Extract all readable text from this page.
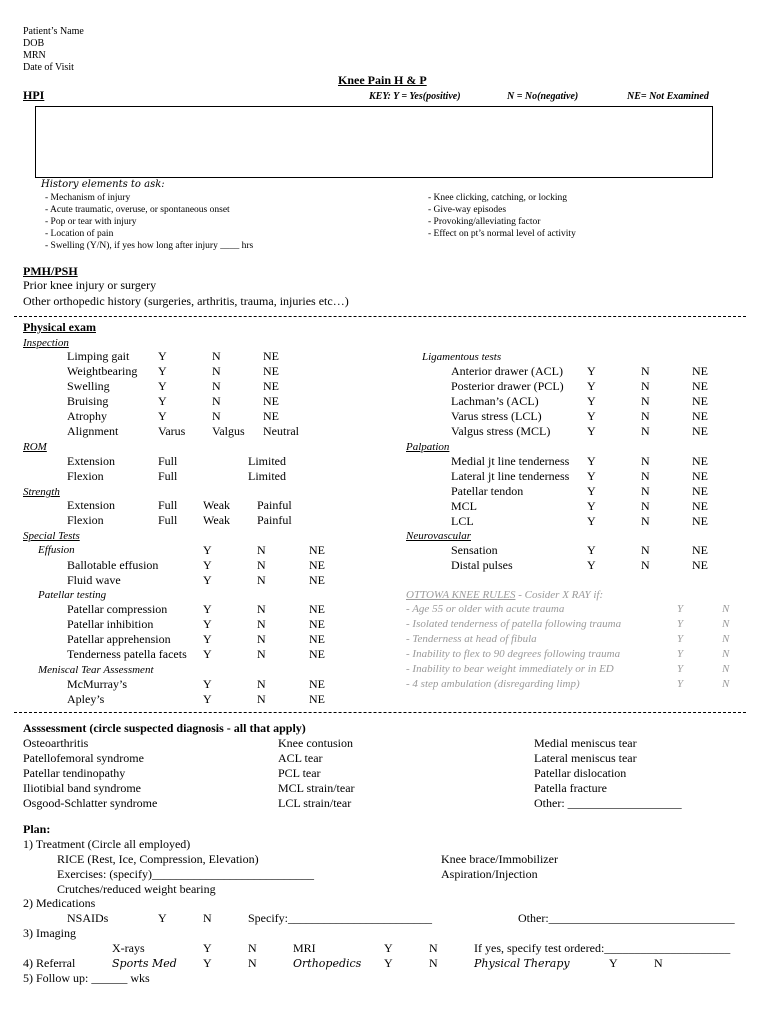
Patient’s Name
DOB
MRN
Date of Visit
Knee Pain H & P
HPI	KEY: Y = Yes(positive)	N = No(negative)	NE= Not Examined
History elements to ask:
- Mechanism of injury
- Acute traumatic, overuse, or spontaneous onset
- Pop or tear with injury
- Location of pain
- Swelling (Y/N), if yes how long after injury ____ hrs
- Knee clicking, catching, or locking
- Give-way episodes
- Provoking/alleviating factor
- Effect on pt’s normal level of activity
PMH/PSH
Prior knee injury or surgery
Other orthopedic history (surgeries, arthritis, trauma, injuries etc…)
Physical exam
Inspection
Limping gait Y	N	NE
Weightbearing Y	N	NE
Swelling	Y	N	NE
Bruising	Y	N	NE
Atrophy	Y	N	NE
Alignment	Varus Valgus Neutral
ROM
Extension	Full	Limited
Flexion	Full	Limited
Strength
Extension	Full Weak Painful
Flexion	Full Weak Painful
Special Tests
Effusion	Y	N	NE
Ballotable effusion	Y	N	NE
Fluid wave	Y	N	NE
Patellar testing
Patellar compression	Y	N	NE
Patellar inhibition	Y	N	NE
Patellar apprehension	Y	N	NE
Tenderness patella facets Y	N	NE
Meniscal Tear Assessment
McMurray’s	Y	N	NE
Apley’s	Y	N	NE
Ligamentous tests
Anterior drawer (ACL) Y	N	NE
Posterior drawer (PCL) Y	N	NE
Lachman’s (ACL)	Y	N	NE
Varus stress (LCL)	Y	N	NE
Valgus stress (MCL)	Y	N	NE
Palpation
Medial jt line tenderness Y	N	NE
Lateral jt line tenderness Y	N	NE
Patellar tendon	Y	N	NE
MCL	Y	N	NE
LCL	Y	N	NE
Neurovascular
Sensation	Y	N	NE
Distal pulses	Y	N	NE
OTTOWA KNEE RULES - Cosider X RAY if:
- Age 55 or older with acute trauma	Y	N
- Isolated tenderness of patella following trauma	Y	N
- Tenderness at head of fibula	Y	N
- Inability to flex to 90 degrees following trauma	Y	N
- Inability to bear weight immediately or in ED	Y	N
- 4 step ambulation (disregarding limp)	Y	N
Asssessment (circle suspected diagnosis - all that apply)
Osteoarthritis
Patellofemoral syndrome
Patellar tendinopathy
Iliotibial band syndrome
Osgood-Schlatter syndrome
Knee contusion
ACL tear
PCL tear
MCL strain/tear
LCL strain/tear
Medial meniscus tear
Lateral meniscus tear
Patellar dislocation
Patella fracture
Other: ___________________
Plan:
1) Treatment (Circle all employed)
RICE (Rest, Ice, Compression, Elevation)	Knee brace/Immobilizer
Exercises: (specify)___________________________	Aspiration/Injection
Crutches/reduced weight bearing
2) Medications
NSAIDs	Y	N	Specify:________________________	Other:_______________________________
3) Imaging
X-rays	Y	N	MRI	Y	N	If yes, specify test ordered:_____________________
4) Referral	Sports Med Y	N	Orthopedics Y	N	Physical Therapy	Y	N
5) Follow up: ______ wks
